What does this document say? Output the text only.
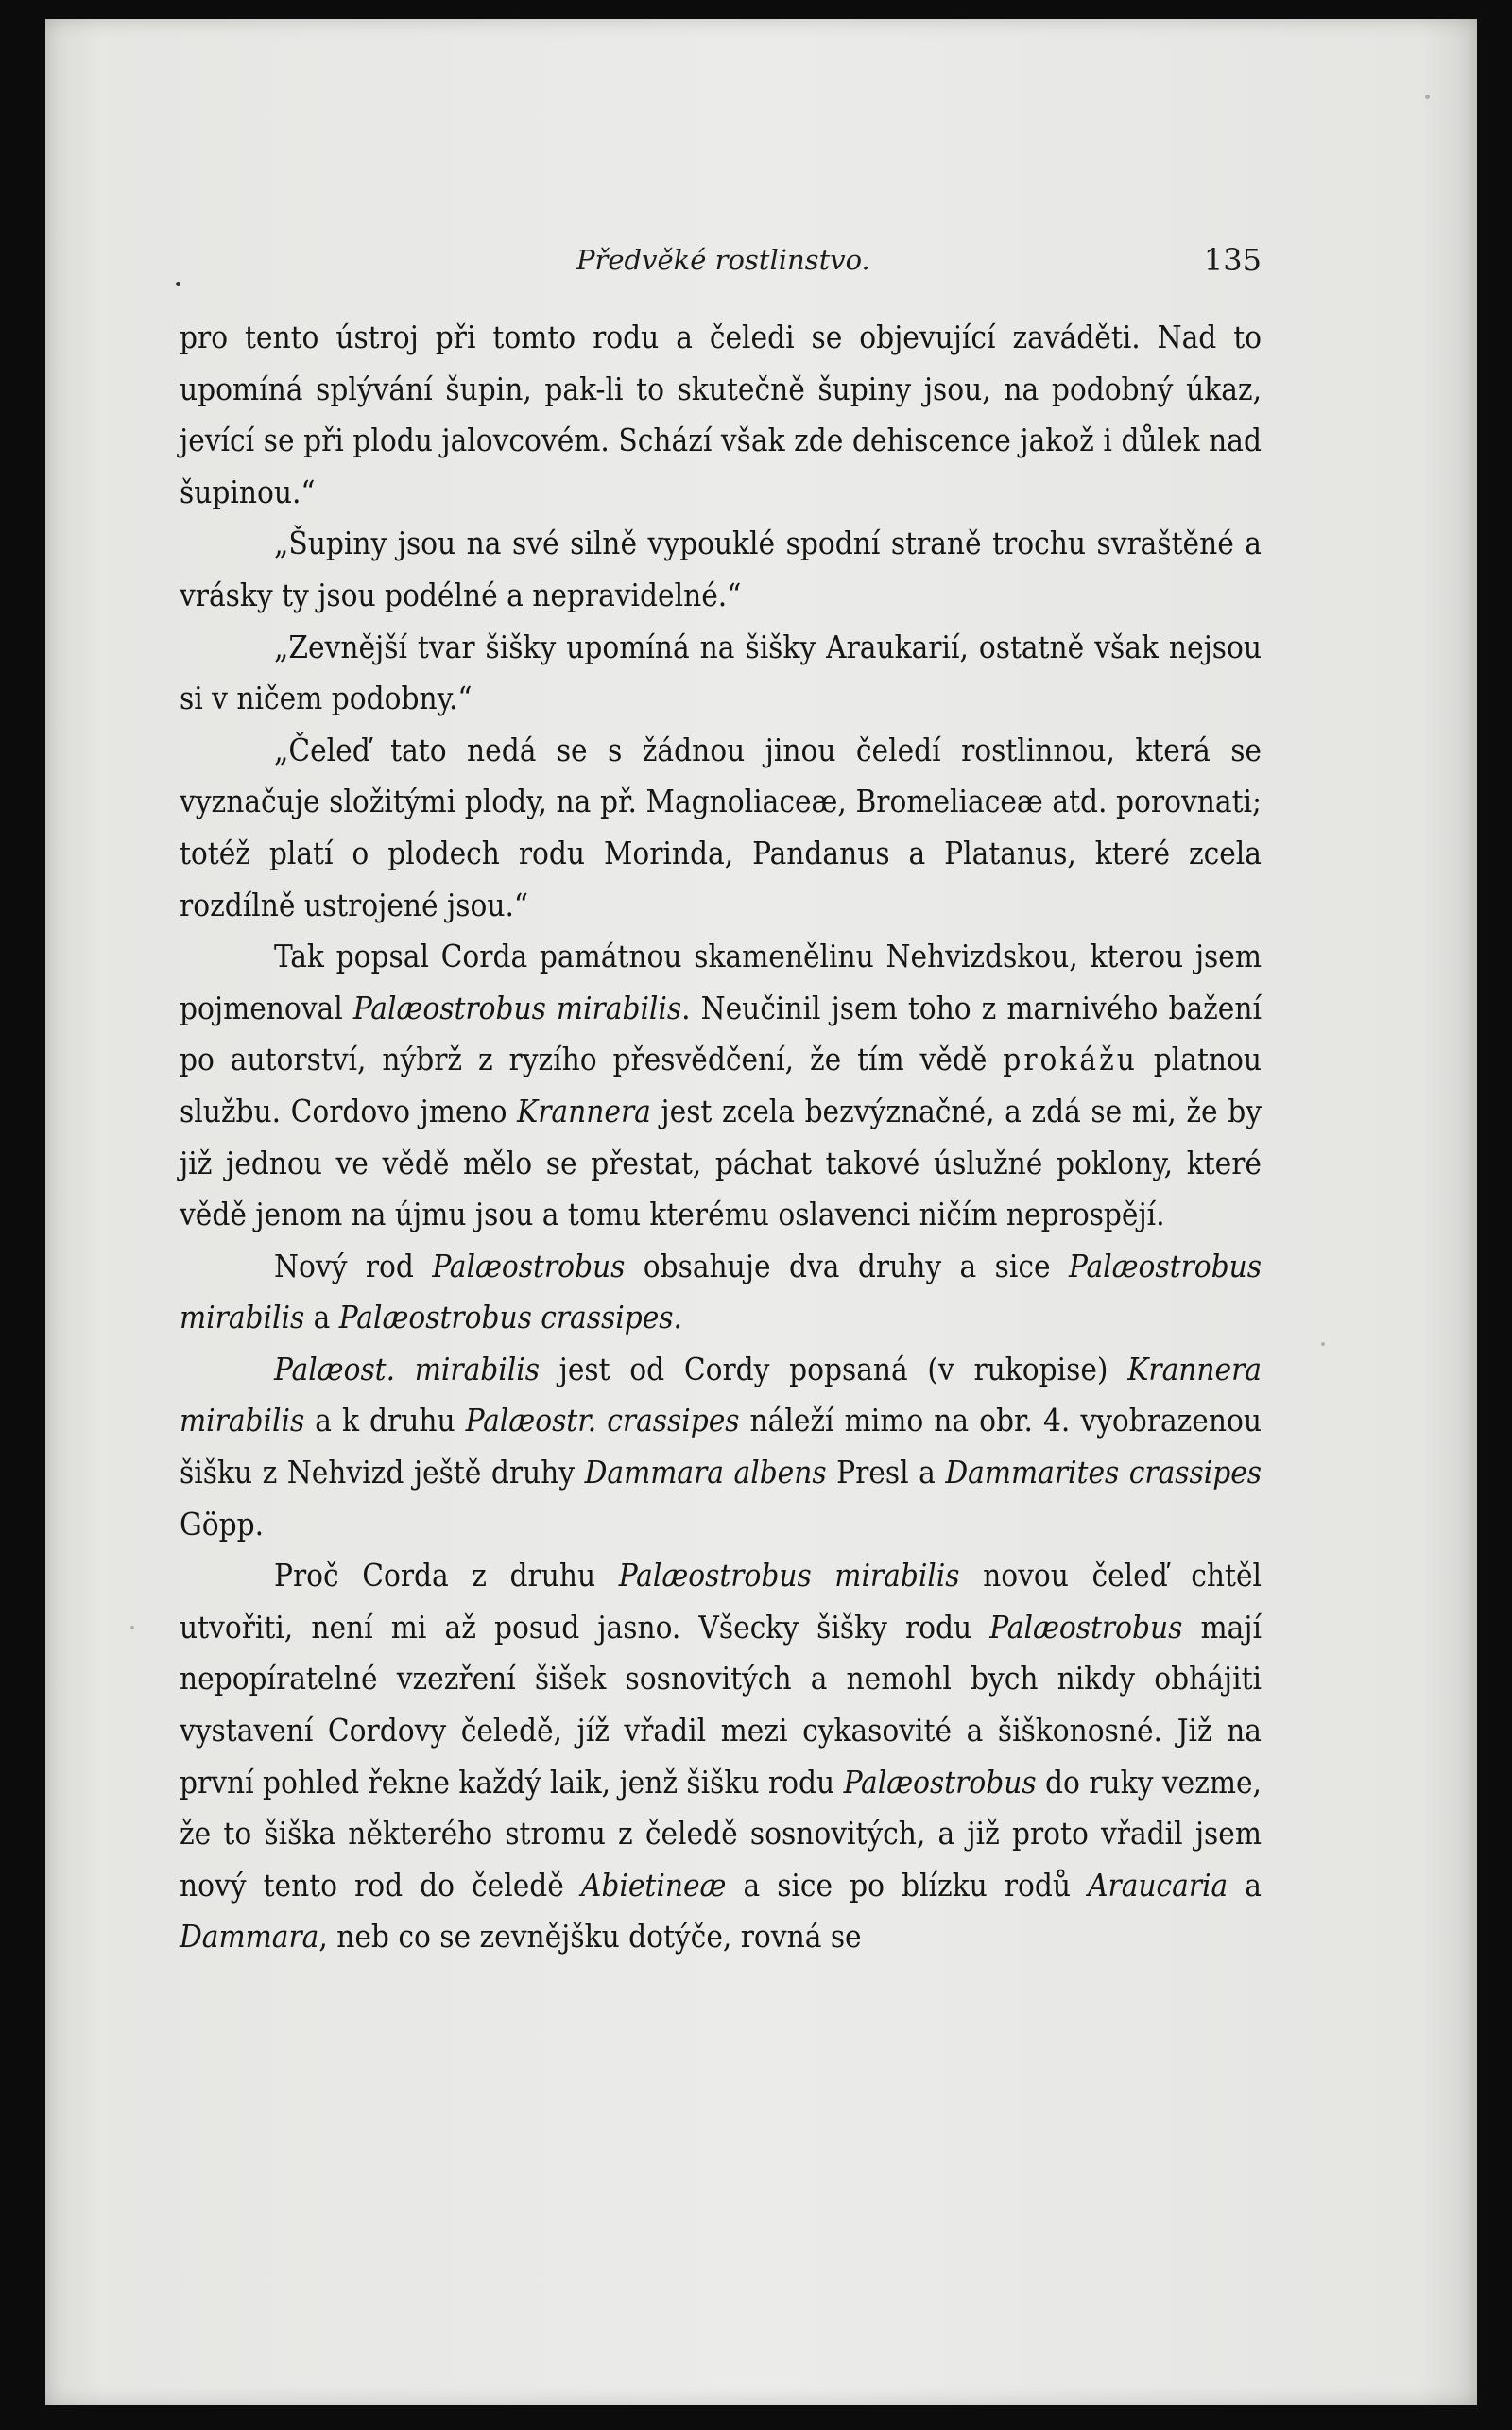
Předvěké rostlinstvo.	135

pro tento ústroj při tomto rodu a čeledi se objevující zaváděti. Nad to upomíná splývání šupin, pak-li to skutečně šupiny jsou, na podobný úkaz, jevící se při plodu jalovcovém. Schází však zde dehiscence jakož i důlek nad šupinou.“

„Šupiny jsou na své silně vypouklé spodní straně trochu svraštěné a vrásky ty jsou podélné a nepravidelné.“

„Zevnější tvar šišky upomíná na šišky Araukarií, ostatně však nejsou si v ničem podobny.“

„Čeleď tato nedá se s žádnou jinou čeledí rostlinnou, která se vyznačuje složitými plody, na př. Magnoliaceæ, Bromeliaceæ atd. porovnati; totéž platí o plodech rodu Morinda, Pandanus a Platanus, které zcela rozdílně ustrojené jsou.“

Tak popsal Corda památnou skamenělinu Nehvizdskou, kterou jsem pojmenoval Palæostrobus mirabilis. Neučinil jsem toho z marnivého bažení po autorství, nýbrž z ryzího přesvědčení, že tím vědě prokážu platnou službu. Cordovo jmeno Krannera jest zcela bezvýznačné, a zdá se mi, že by již jednou ve vědě mělo se přestat, páchat takové úslužné poklony, které vědě jenom na újmu jsou a tomu kterému oslavenci ničím neprospějí.

Nový rod Palæostrobus obsahuje dva druhy a sice Palæostrobus mirabilis a Palæostrobus crassipes.

Palæost. mirabilis jest od Cordy popsaná (v rukopise) Krannera mirabilis a k druhu Palæostr. crassipes náleží mimo na obr. 4. vyobrazenou šišku z Nehvizd ještě druhy Dammara albens Presl a Dammarites crassipes Göpp.

Proč Corda z druhu Palæostrobus mirabilis novou čeleď chtěl utvořiti, není mi až posud jasno. Všecky šišky rodu Palæostrobus mají nepopíratelné vzezření šišek sosnovitých a nemohl bych nikdy obhájiti vystavení Cordovy čeledě, jíž vřadil mezi cykasovité a šiškonosné. Již na první pohled řekne každý laik, jenž šišku rodu Palæostrobus do ruky vezme, že to šiška některého stromu z čeledě sosnovitých, a již proto vřadil jsem nový tento rod do čeledě Abietineæ a sice po blízku rodů Araucaria a Dammara, neb co se zevnějšku dotýče, rovná se
